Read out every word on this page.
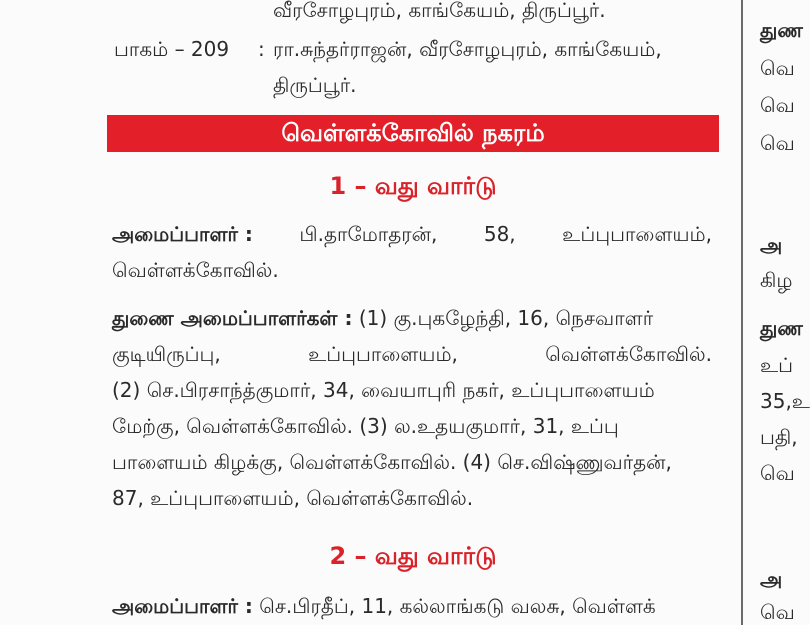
வீரசோழபுரம், காங்கேயம், திருப்பூர்.
பாகம் – 209 : ரா.சுந்தர்ராஜன், வீரசோழபுரம், காங்கேயம்,
திருப்பூர்.
வெள்ளக்கோவில் நகரம்
1 – வது வார்டு
அமைப்பாளர் : பி.தாமோதரன், 58, உப்புபாளையம்,
வெள்ளக்கோவில்.
துணை அமைப்பாளர்கள் : (1) கு.புகழேந்தி, 16, நெசவாளர்
குடியிருப்பு,	உப்புபாளையம்,	வெள்ளக்கோவில்.
(2) செ.பிரசாந்த்குமார், 34, வையாபுரி நகர், உப்புபாளையம்
மேற்கு, வெள்ளக்கோவில். (3) ல.உதயகுமார், 31, உப்பு
பாளையம் கிழக்கு, வெள்ளக்கோவில். (4) செ.விஷ்ணுவர்தன்,
87, உப்புபாளையம், வெள்ளக்கோவில்.
2 – வது வார்டு
அமைப்பாளர் : செ.பிரதீப், 11, கல்லாங்கடு வலசு, வெள்ளக்
துண
வெ
வெ
வெ
அ
கிழ
துண
உப்
35,உ
பதி,
வெ
அ
வெ
